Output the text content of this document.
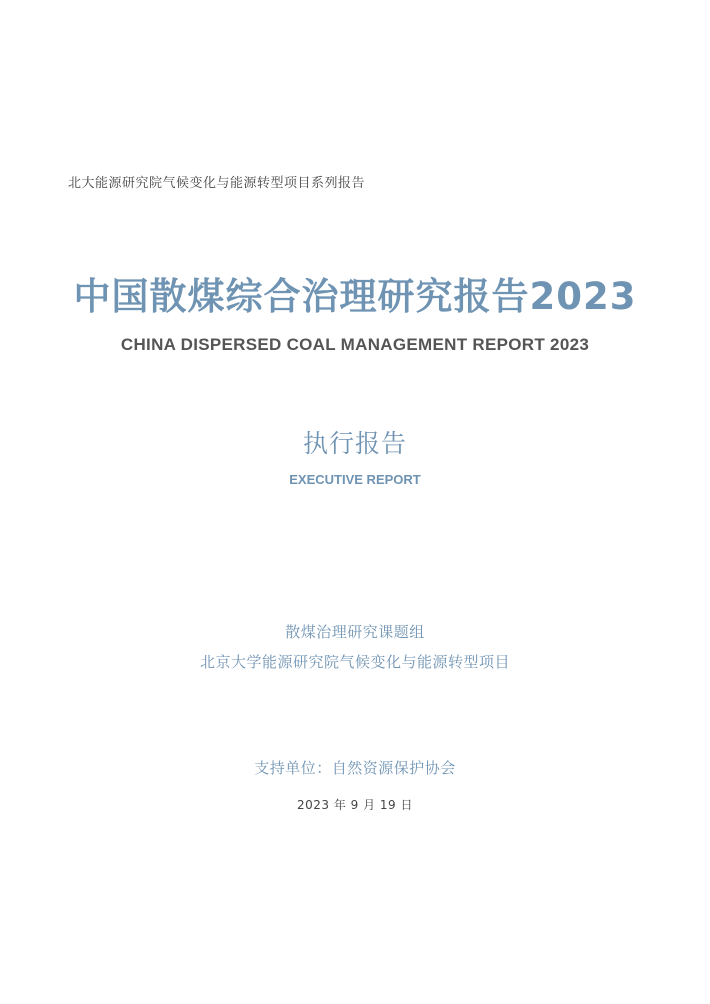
北大能源研究院气候变化与能源转型项目系列报告
中国散煤综合治理研究报告2023
CHINA DISPERSED COAL MANAGEMENT REPORT 2023
执行报告
EXECUTIVE REPORT
散煤治理研究课题组
北京大学能源研究院气候变化与能源转型项目
支持单位：自然资源保护协会
2023 年 9 月 19 日
